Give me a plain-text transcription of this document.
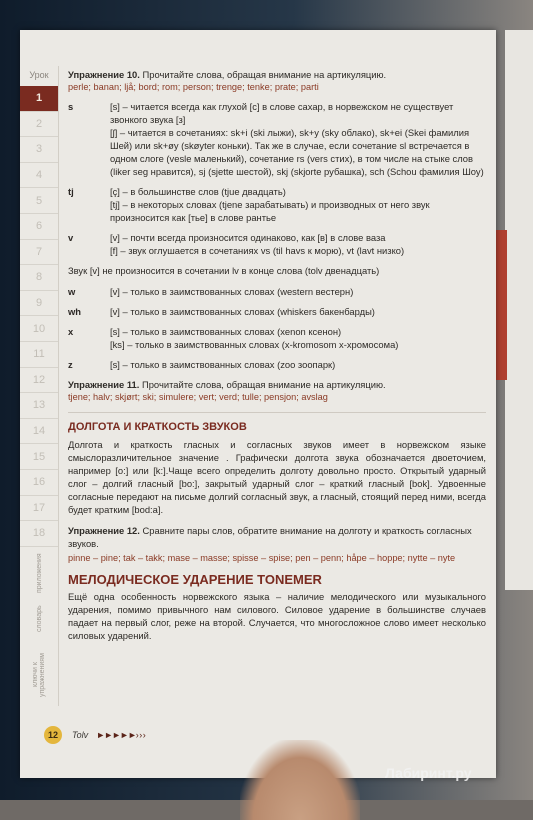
Урок
1
2
3
4
5
6
7
8
9
10
11
12
13
14
15
16
17
18
приложения
словарь
ключи к упражнениям

Упражнение 10. Прочитайте слова, обращая внимание на артикуляцию.

perle; banan; ljå; bord; rom; person; trenge; tenke; prate; parti

s	[s] – читается всегда как глухой [c] в слове сахар, в норвежском не существует звонкого звука [з]
[ʃ] – читается в сочетаниях: sk+i (ski лыжи), sk+y (sky облако), sk+ei (Skei фамилия Шей) или sk+øy (skøyter коньки). Так же в случае, если сочетание sl встречается в одном слоге (vesle маленький), сочетание rs (vers стих), в том числе на стыке слов (liker seg нравится), sj (sjette шестой), skj (skjorte рубашка), sch (Schou фамилия Шоу)
tj	[ç] – в большинстве слов (tjue двадцать)
[tj] – в некоторых словах (tjene зарабатывать) и производных от него звук произносится как [тье] в слове рантье
v	[v] – почти всегда произносится одинаково, как [в] в слове ваза
[f] – звук оглушается в сочетаниях vs (til havs к морю), vt (lavt низко)

Звук [v] не произносится в сочетании lv в конце слова (tolv двенадцать)

w	[v] – только в заимствованных словах (western вестерн)
wh	[v] – только в заимствованных словах (whiskers бакенбарды)
x	[s] – только в заимствованных словах (xenon ксенон)
[ks] – только в заимствованных словах (x-kromosom х-хромосома)
z	[s] – только в заимствованных словах (zoo зоопарк)

Упражнение 11. Прочитайте слова, обращая внимание на артикуляцию.

tjene; halv; skjørt; ski; simulere; vert; verd; tulle; pensjon; avslag

ДОЛГОТА И КРАТКОСТЬ ЗВУКОВ

Долгота и краткость гласных и согласных звуков имеет в норвежском языке смыслоразличительное значение . Графически долгота звука обозначается двоеточием, например [o:] или [k:].Чаще всего определить долготу довольно просто. Открытый ударный слог – долгий гласный [bo:], закрытый ударный слог – краткий гласный [bok]. Удвоенные согласные передают на письме долгий согласный звук, а гласный, стоящий перед ними, всегда будет кратким [bod:a].

Упражнение 12. Сравните пары слов, обратите внимание на долготу и краткость согласных звуков.

pinne – pine; tak – takk; mase – masse; spisse – spise; pen – penn; håpe – hoppe; nytte – nyte

МЕЛОДИЧЕСКОЕ УДАРЕНИЕ TONEMER

Ещё одна особенность норвежского языка – наличие мелодического или музыкального ударения, помимо привычного нам силового. Силовое ударение в большинстве случаев падает на первый слог, реже на второй. Случается, что многосложное слово имеет несколько силовых ударений.

12	Tolv ►►►►►› › ›
Лабиринт.ру
